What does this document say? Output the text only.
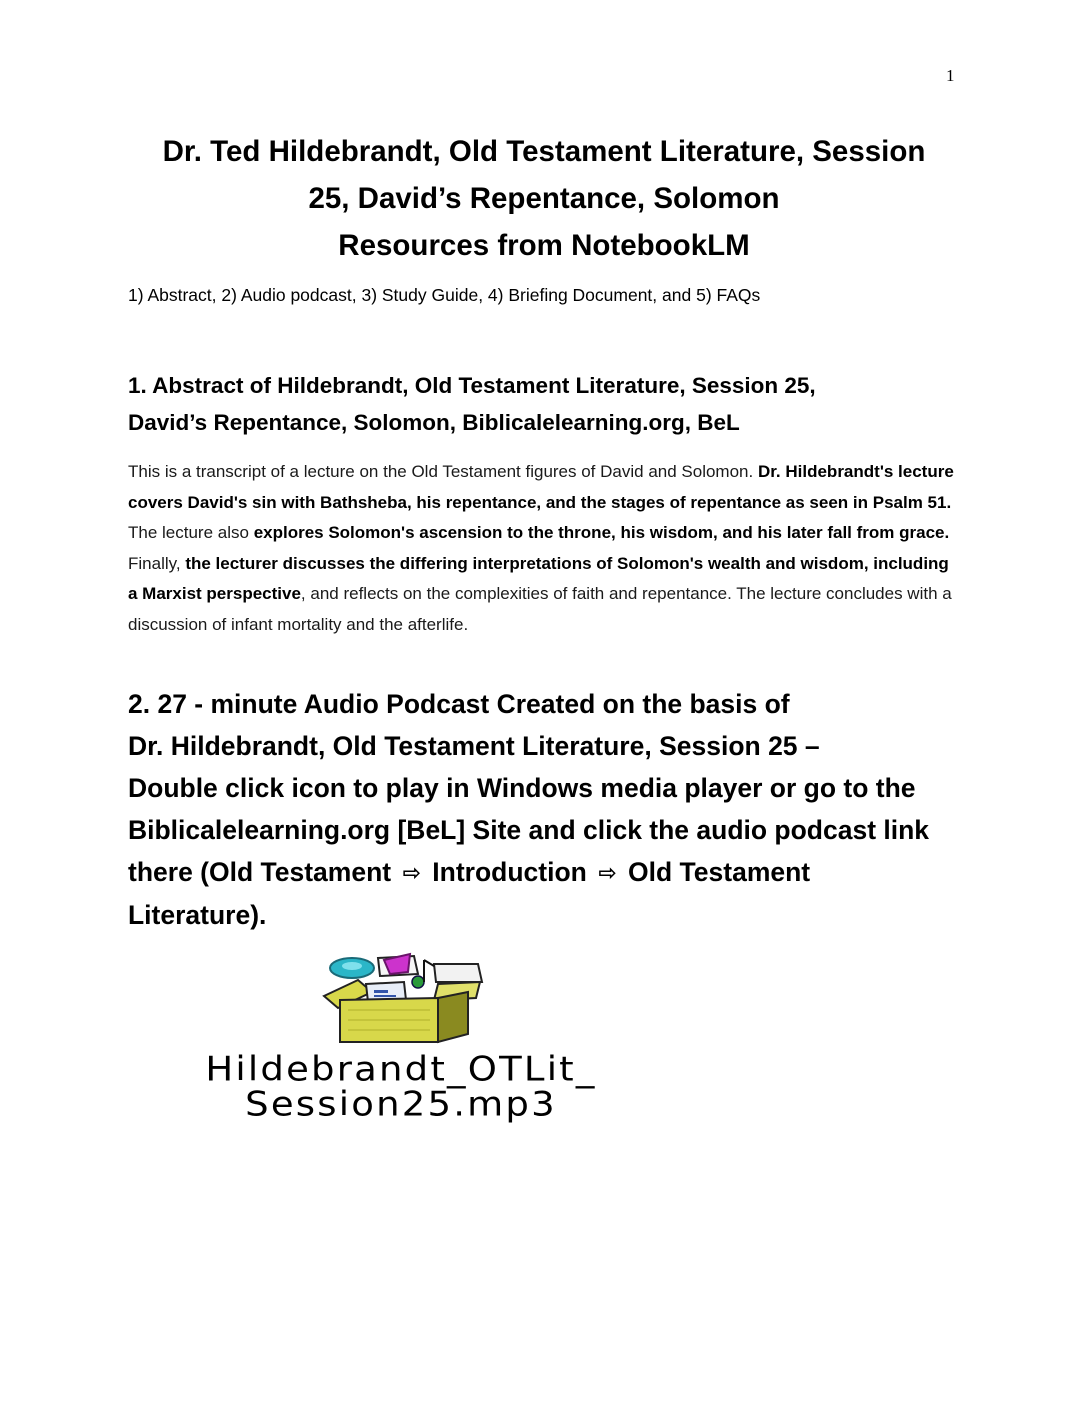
1
Dr. Ted Hildebrandt, Old Testament Literature, Session
25, David’s Repentance, Solomon
Resources from NotebookLM
1) Abstract, 2) Audio podcast, 3) Study Guide, 4) Briefing Document, and 5) FAQs
1. Abstract of Hildebrandt, Old Testament Literature, Session 25,
David’s Repentance, Solomon, Biblicalelearning.org, BeL
This is a transcript of a lecture on the Old Testament figures of David and Solomon. Dr. Hildebrandt's lecture covers David's sin with Bathsheba, his repentance, and the stages of repentance as seen in Psalm 51. The lecture also explores Solomon's ascension to the throne, his wisdom, and his later fall from grace. Finally, the lecturer discusses the differing interpretations of Solomon's wealth and wisdom, including a Marxist perspective, and reflects on the complexities of faith and repentance. The lecture concludes with a discussion of infant mortality and the afterlife.
2. 27 - minute Audio Podcast Created on the basis of
Dr. Hildebrandt, Old Testament Literature, Session 25 –
Double click icon to play in Windows media player or go to the
Biblicalelearning.org [BeL] Site and click the audio podcast link
there (Old Testament ⇨ Introduction ⇨ Old Testament
Literature).
Hildebrandt_OTLit_
Session25.mp3
